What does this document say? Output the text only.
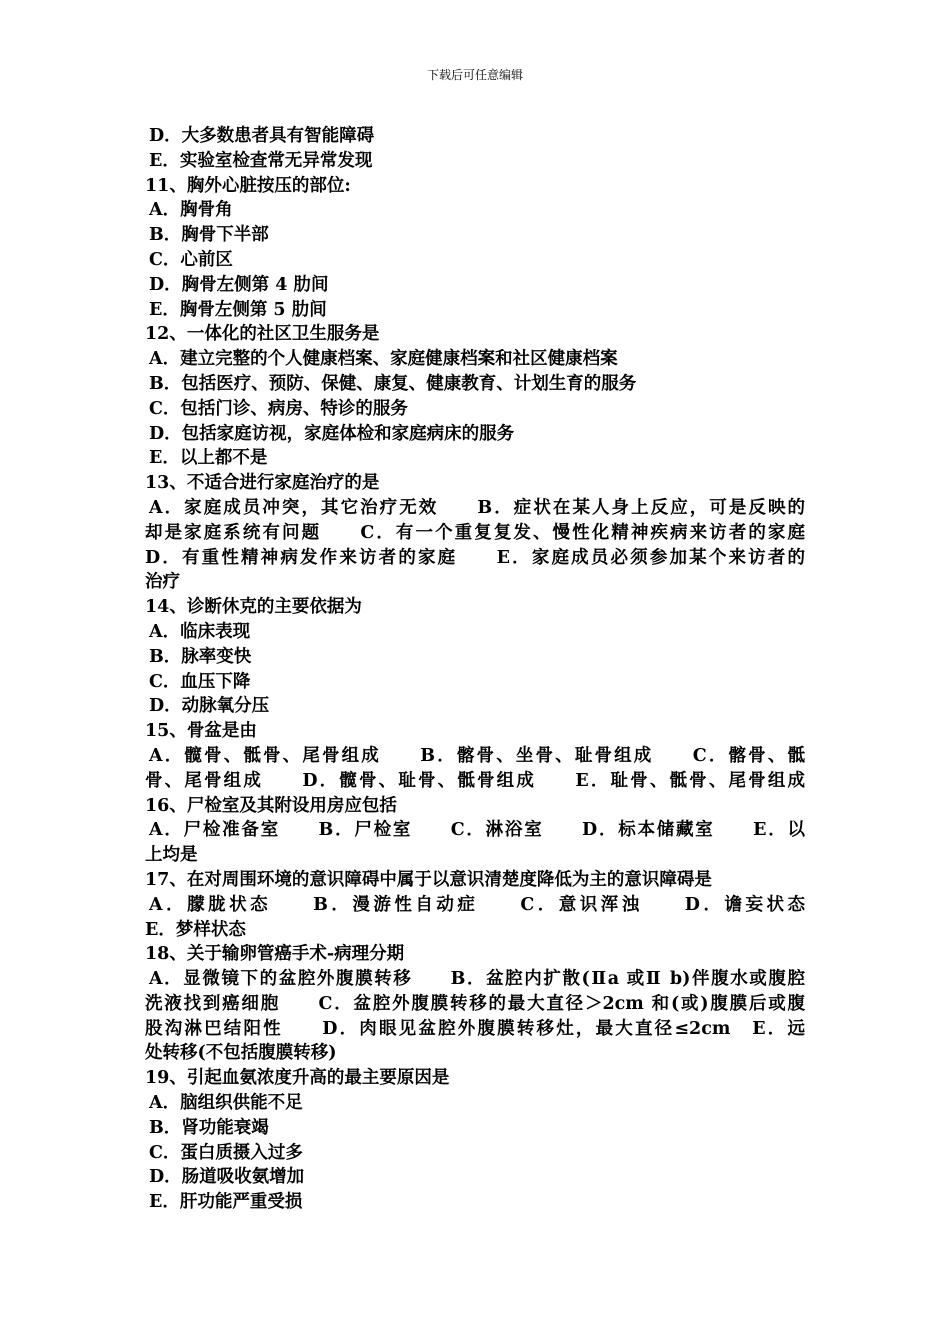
下载后可任意编辑
D．大多数患者具有智能障碍
E．实验室检查常无异常发现
11、胸外心脏按压的部位:
A．胸骨角
B．胸骨下半部
C．心前区
D．胸骨左侧第 4 肋间
E．胸骨左侧第 5 肋间
12、一体化的社区卫生服务是
A．建立完整的个人健康档案、家庭健康档案和社区健康档案
B．包括医疗、预防、保健、康复、健康教育、计划生育的服务
C．包括门诊、病房、特诊的服务
D．包括家庭访视，家庭体检和家庭病床的服务
E．以上都不是
13、不适合进行家庭治疗的是
A．家庭成员冲突，其它治疗无效　　B．症状在某人身上反应，可是反映的
却是家庭系统有问题　　C．有一个重复复发、慢性化精神疾病来访者的家庭
D．有重性精神病发作来访者的家庭　　E．家庭成员必须参加某个来访者的
治疗
14、诊断休克的主要依据为
A．临床表现
B．脉率变快
C．血压下降
D．动脉氧分压
15、骨盆是由
A．髋骨、骶骨、尾骨组成　　B．髂骨、坐骨、耻骨组成　　C．髂骨、骶
骨、尾骨组成　　D．髋骨、耻骨、骶骨组成　　E．耻骨、骶骨、尾骨组成
16、尸检室及其附设用房应包括
A．尸检准备室　　B．尸检室　　C．淋浴室　　D．标本储藏室　　E．以
上均是
17、在对周围环境的意识障碍中属于以意识清楚度降低为主的意识障碍是
A．朦胧状态　　B．漫游性自动症　　C．意识浑浊　　D．谵妄状态
E．梦样状态
18、关于输卵管癌手术-病理分期
A．显微镜下的盆腔外腹膜转移　　B．盆腔内扩散(Ⅱa 或Ⅱ b)伴腹水或腹腔
洗液找到癌细胞　　C．盆腔外腹膜转移的最大直径＞2cm 和(或)腹膜后或腹
股沟淋巴结阳性　　D．肉眼见盆腔外腹膜转移灶，最大直径≤2cm　E．远
处转移(不包括腹膜转移)
19、引起血氨浓度升高的最主要原因是
A．脑组织供能不足
B．肾功能衰竭
C．蛋白质摄入过多
D．肠道吸收氨增加
E．肝功能严重受损
